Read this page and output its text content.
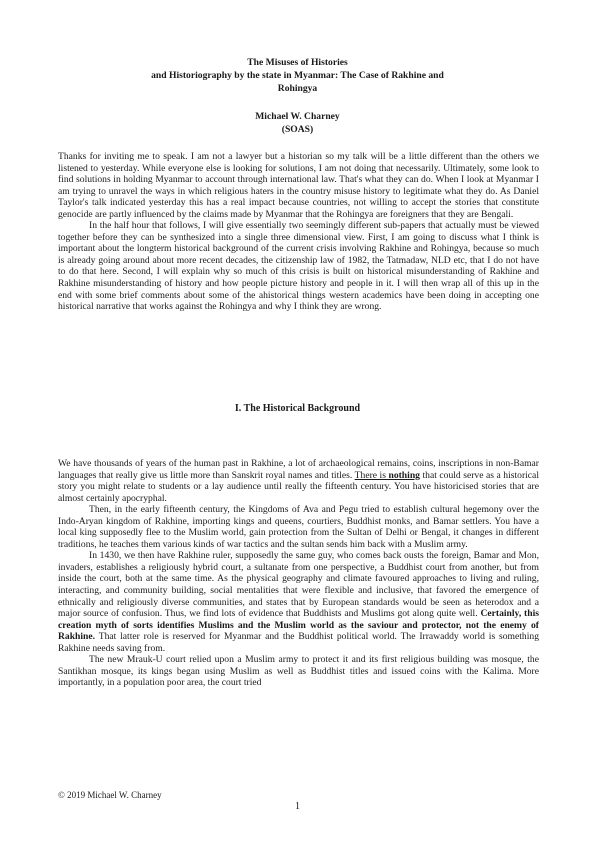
The Misuses of Histories
and Historiography by the state in Myanmar: The Case of Rakhine and
Rohingya
Michael W. Charney
(SOAS)

Thanks for inviting me to speak. I am not a lawyer but a historian so my talk will be a little different than the others we listened to yesterday. While everyone else is looking for solutions, I am not doing that necessarily. Ultimately, some look to find solutions in holding Myanmar to account through international law. That's what they can do. When I look at Myanmar I am trying to unravel the ways in which religious haters in the country misuse history to legitimate what they do. As Daniel Taylor's talk indicated yesterday this has a real impact because countries, not willing to accept the stories that constitute genocide are partly influenced by the claims made by Myanmar that the Rohingya are foreigners that they are Bengali.

In the half hour that follows, I will give essentially two seemingly different sub-papers that actually must be viewed together before they can be synthesized into a single three dimensional view. First, I am going to discuss what I think is important about the longterm historical background of the current crisis involving Rakhine and Rohingya, because so much is already going around about more recent decades, the citizenship law of 1982, the Tatmadaw, NLD etc, that I do not have to do that here. Second, I will explain why so much of this crisis is built on historical misunderstanding of Rakhine and Rakhine misunderstanding of history and how people picture history and people in it. I will then wrap all of this up in the end with some brief comments about some of the ahistorical things western academics have been doing in accepting one historical narrative that works against the Rohingya and why I think they are wrong.

I. The Historical Background

We have thousands of years of the human past in Rakhine, a lot of archaeological remains, coins, inscriptions in non-Bamar languages that really give us little more than Sanskrit royal names and titles. There is nothing that could serve as a historical story you might relate to students or a lay audience until really the fifteenth century. You have historicised stories that are almost certainly apocryphal.

Then, in the early fifteenth century, the Kingdoms of Ava and Pegu tried to establish cultural hegemony over the Indo-Aryan kingdom of Rakhine, importing kings and queens, courtiers, Buddhist monks, and Bamar settlers. You have a local king supposedly flee to the Muslim world, gain protection from the Sultan of Delhi or Bengal, it changes in different traditions, he teaches them various kinds of war tactics and the sultan sends him back with a Muslim army.

In 1430, we then have Rakhine ruler, supposedly the same guy, who comes back ousts the foreign, Bamar and Mon, invaders, establishes a religiously hybrid court, a sultanate from one perspective, a Buddhist court from another, but from inside the court, both at the same time. As the physical geography and climate favoured approaches to living and ruling, interacting, and community building, social mentalities that were flexible and inclusive, that favored the emergence of ethnically and religiously diverse communities, and states that by European standards would be seen as heterodox and a major source of confusion. Thus, we find lots of evidence that Buddhists and Muslims got along quite well. Certainly, this creation myth of sorts identifies Muslims and the Muslim world as the saviour and protector, not the enemy of Rakhine. That latter role is reserved for Myanmar and the Buddhist political world. The Irrawaddy world is something Rakhine needs saving from.

The new Mrauk-U court relied upon a Muslim army to protect it and its first religious building was mosque, the Santikhan mosque, its kings began using Muslim as well as Buddhist titles and issued coins with the Kalima. More importantly, in a population poor area, the court tried

© 2019 Michael W. Charney
1
